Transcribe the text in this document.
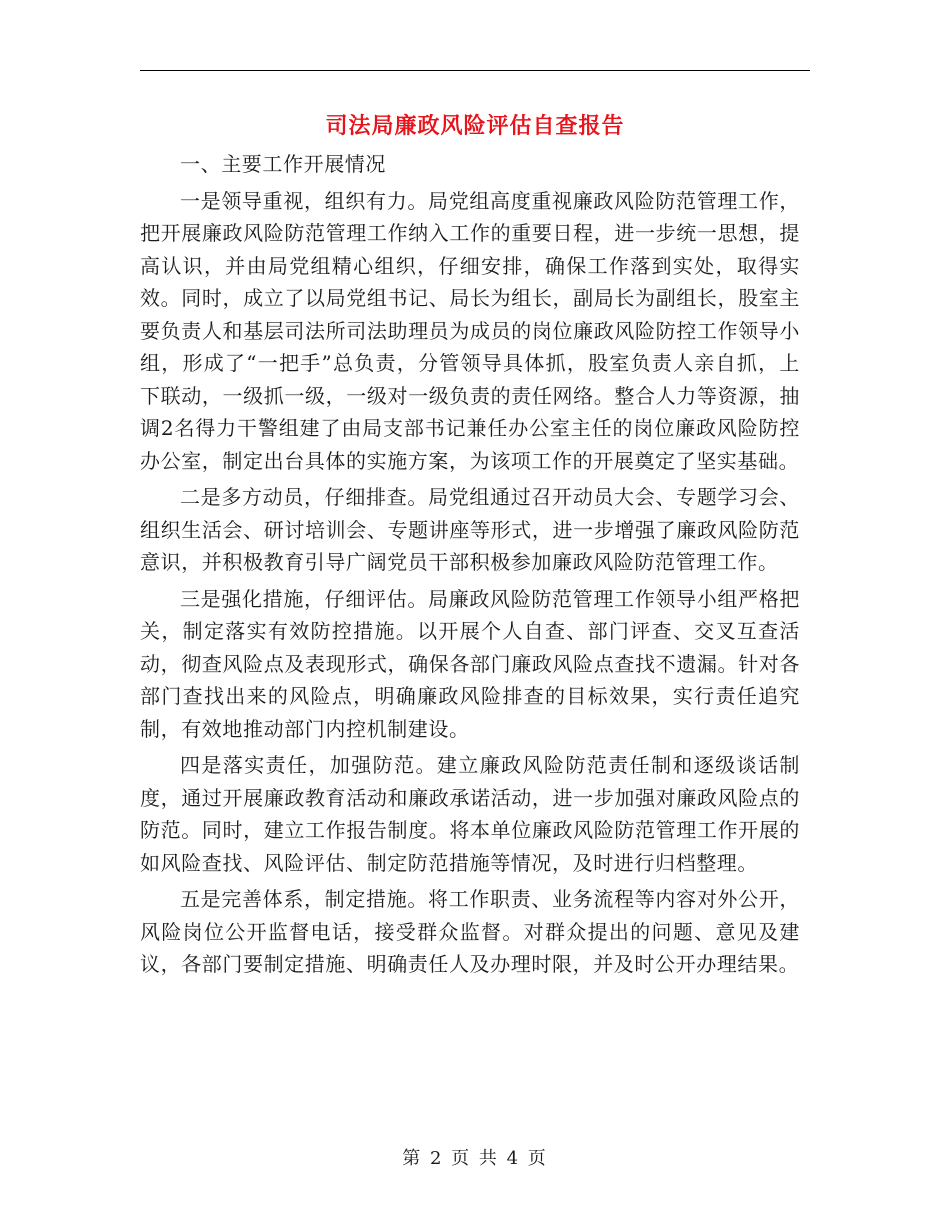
司法局廉政风险评估自查报告

一、主要工作开展情况

一是领导重视，组织有力。局党组高度重视廉政风险防范管理工作，把开展廉政风险防范管理工作纳入工作的重要日程，进一步统一思想，提高认识，并由局党组精心组织，仔细安排，确保工作落到实处，取得实效。同时，成立了以局党组书记、局长为组长，副局长为副组长，股室主要负责人和基层司法所司法助理员为成员的岗位廉政风险防控工作领导小组，形成了“一把手”总负责，分管领导具体抓，股室负责人亲自抓，上下联动，一级抓一级，一级对一级负责的责任网络。整合人力等资源，抽调2名得力干警组建了由局支部书记兼任办公室主任的岗位廉政风险防控办公室，制定出台具体的实施方案，为该项工作的开展奠定了坚实基础。

二是多方动员，仔细排查。局党组通过召开动员大会、专题学习会、组织生活会、研讨培训会、专题讲座等形式，进一步增强了廉政风险防范意识，并积极教育引导广阔党员干部积极参加廉政风险防范管理工作。

三是强化措施，仔细评估。局廉政风险防范管理工作领导小组严格把关，制定落实有效防控措施。以开展个人自查、部门评查、交叉互查活动，彻查风险点及表现形式，确保各部门廉政风险点查找不遗漏。针对各部门查找出来的风险点，明确廉政风险排查的目标效果，实行责任追究制，有效地推动部门内控机制建设。

四是落实责任，加强防范。建立廉政风险防范责任制和逐级谈话制度，通过开展廉政教育活动和廉政承诺活动，进一步加强对廉政风险点的防范。同时，建立工作报告制度。将本单位廉政风险防范管理工作开展的如风险查找、风险评估、制定防范措施等情况，及时进行归档整理。

五是完善体系，制定措施。将工作职责、业务流程等内容对外公开，风险岗位公开监督电话，接受群众监督。对群众提出的问题、意见及建议，各部门要制定措施、明确责任人及办理时限，并及时公开办理结果。

第 2 页 共 4 页
